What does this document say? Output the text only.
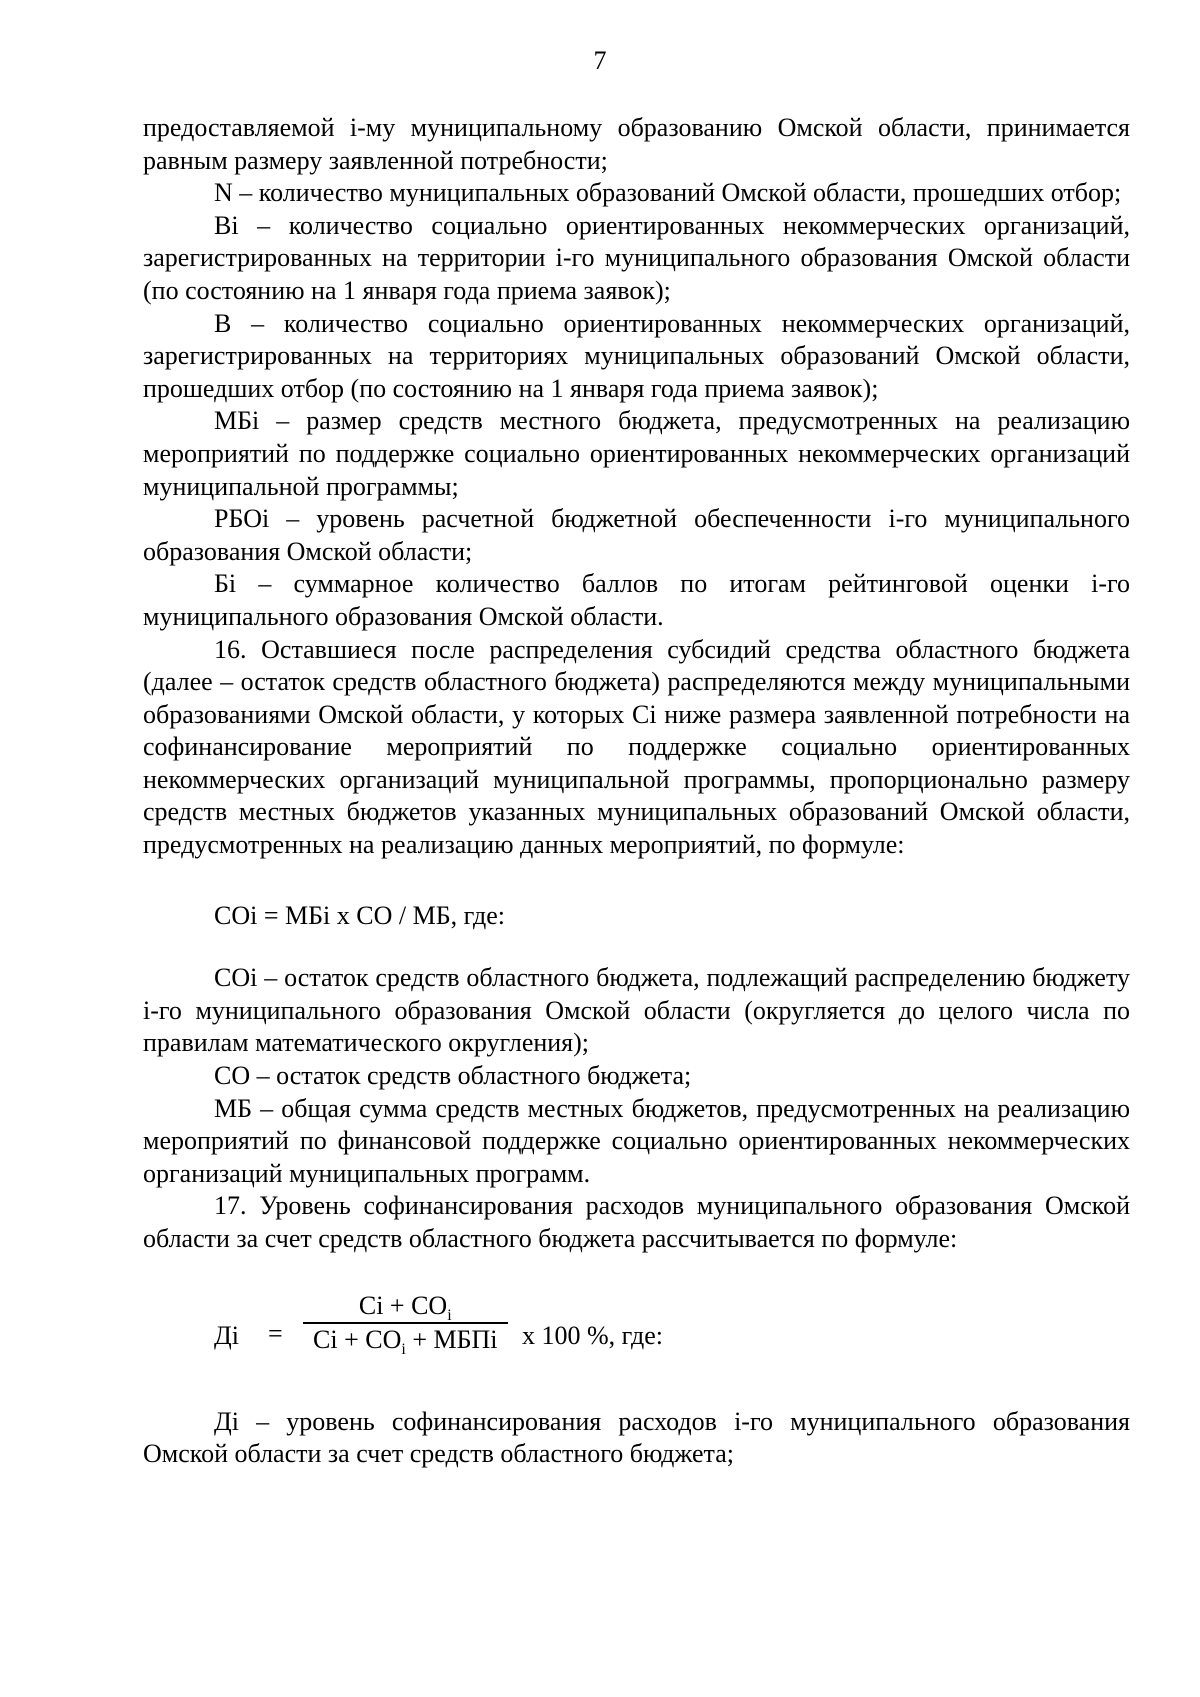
7

предоставляемой i-му муниципальному образованию Омской области, принимается равным размеру заявленной потребности;

N – количество муниципальных образований Омской области, прошедших отбор;

Вi – количество социально ориентированных некоммерческих организаций, зарегистрированных на территории i-го муниципального образования Омской области (по состоянию на 1 января года приема заявок);

В – количество социально ориентированных некоммерческих организаций, зарегистрированных на территориях муниципальных образований Омской области, прошедших отбор (по состоянию на 1 января года приема заявок);

МБi – размер средств местного бюджета, предусмотренных на реализацию мероприятий по поддержке социально ориентированных некоммерческих организаций муниципальной программы;

РБОi – уровень расчетной бюджетной обеспеченности i-го муниципального образования Омской области;

Бi – суммарное количество баллов по итогам рейтинговой оценки i-го муниципального образования Омской области.

16. Оставшиеся после распределения субсидий средства областного бюджета (далее – остаток средств областного бюджета) распределяются между муниципальными образованиями Омской области, у которых Сi ниже размера заявленной потребности на софинансирование мероприятий по поддержке социально ориентированных некоммерческих организаций муниципальной программы, пропорционально размеру средств местных бюджетов указанных муниципальных образований Омской области, предусмотренных на реализацию данных мероприятий, по формуле:

СОi = МБi х СО / МБ, где:

СОi – остаток средств областного бюджета, подлежащий распределению бюджету i-го муниципального образования Омской области (округляется до целого числа по правилам математического округления);

СО – остаток средств областного бюджета;

МБ – общая сумма средств местных бюджетов, предусмотренных на реализацию мероприятий по финансовой поддержке социально ориентированных некоммерческих организаций муниципальных программ.

17. Уровень софинансирования расходов муниципального образования Омской области за счет средств областного бюджета рассчитывается по формуле:

Дi =
Сi + $СО_i$
Сi + $СО_i$ + МБПi х 100 %, где:

Дi – уровень софинансирования расходов i-го муниципального образования Омской области за счет средств областного бюджета;
